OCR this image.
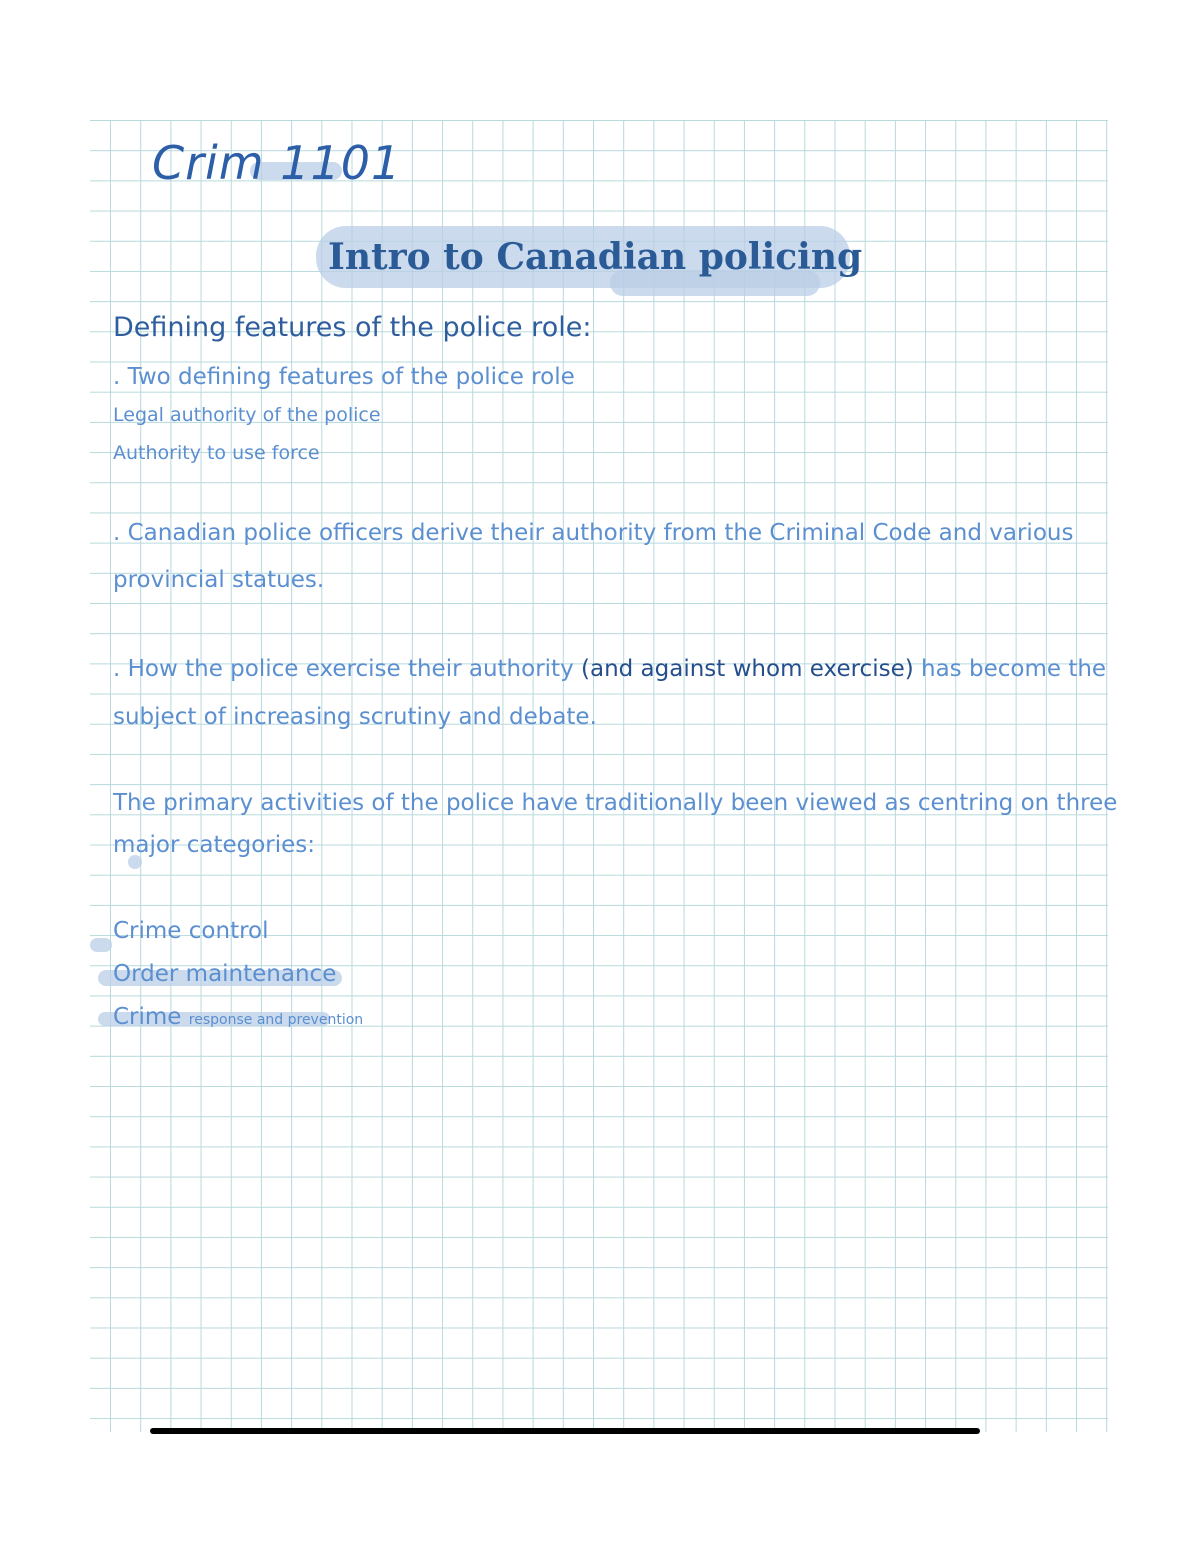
Crim 1101
Intro to Canadian policing
Defining features of the police role:
. Two defining features of the police role
Legal authority of the police
Authority to use force
. Canadian police officers derive their authority from the Criminal Code and various
provincial statues.
. How the police exercise their authority (and against whom exercise) has become the
subject of increasing scrutiny and debate.
The primary activities of the police have traditionally been viewed as centring on three
major categories:
Crime control
Order maintenance
Crime response and prevention
